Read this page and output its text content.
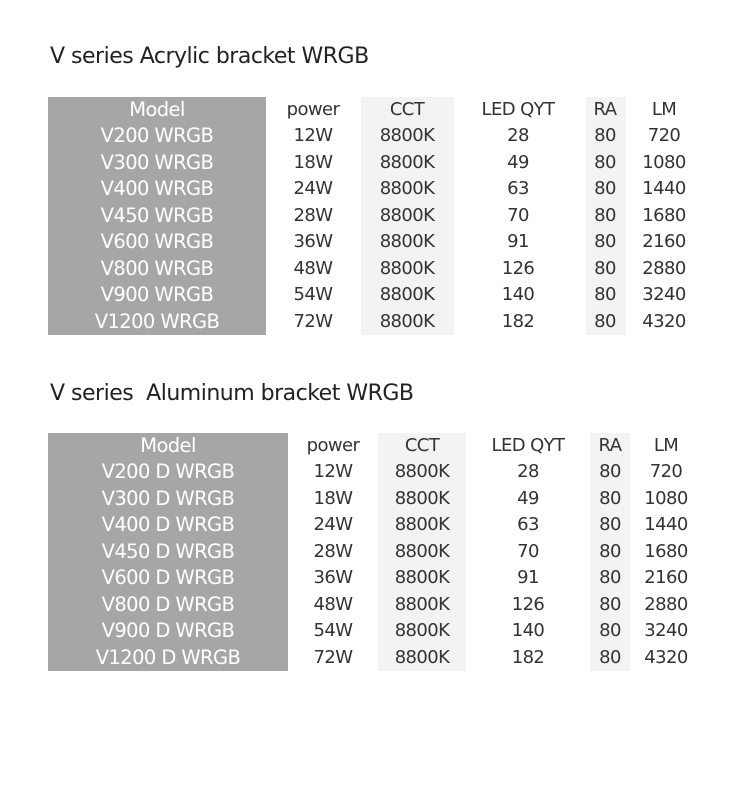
V series Acrylic bracket WRGB
Model
V200 WRGB
V300 WRGB
V400 WRGB
V450 WRGB
V600 WRGB
V800 WRGB
V900 WRGB
V1200 WRGB
power
12W
18W
24W
28W
36W
48W
54W
72W
CCT
8800K
8800K
8800K
8800K
8800K
8800K
8800K
8800K
LED QYT
28
49
63
70
91
126
140
182
RA
80
80
80
80
80
80
80
80
LM
720
1080
1440
1680
2160
2880
3240
4320
V series  Aluminum bracket WRGB
Model
V200 D WRGB
V300 D WRGB
V400 D WRGB
V450 D WRGB
V600 D WRGB
V800 D WRGB
V900 D WRGB
V1200 D WRGB
power
12W
18W
24W
28W
36W
48W
54W
72W
CCT
8800K
8800K
8800K
8800K
8800K
8800K
8800K
8800K
LED QYT
28
49
63
70
91
126
140
182
RA
80
80
80
80
80
80
80
80
LM
720
1080
1440
1680
2160
2880
3240
4320
